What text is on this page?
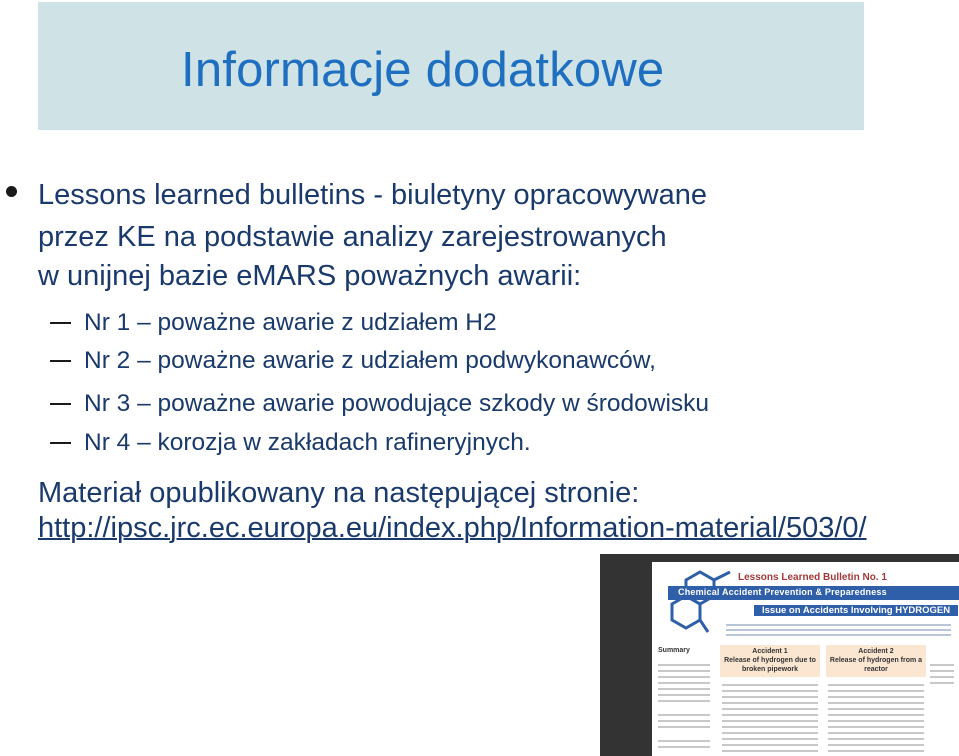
Informacje dodatkowe
Lessons learned bulletins - biuletyny opracowywane
przez KE na podstawie analizy zarejestrowanych
w unijnej bazie eMARS poważnych awarii:
Nr 1 – poważne awarie z udziałem H2
Nr 2 – poważne awarie z udziałem podwykonawców,
Nr 3 – poważne awarie powodujące szkody w środowisku
Nr 4 – korozja w zakładach rafineryjnych.
Materiał opublikowany na następującej stronie:
http://ipsc.jrc.ec.europa.eu/index.php/Information-material/503/0/
Lessons Learned Bulletin No. 1
Chemical Accident Prevention & Preparedness
Issue on Accidents Involving HYDROGEN
Summary	Accident 1
Release of hydrogen due to broken pipework
Accident 2
Release of hydrogen from a reactor
